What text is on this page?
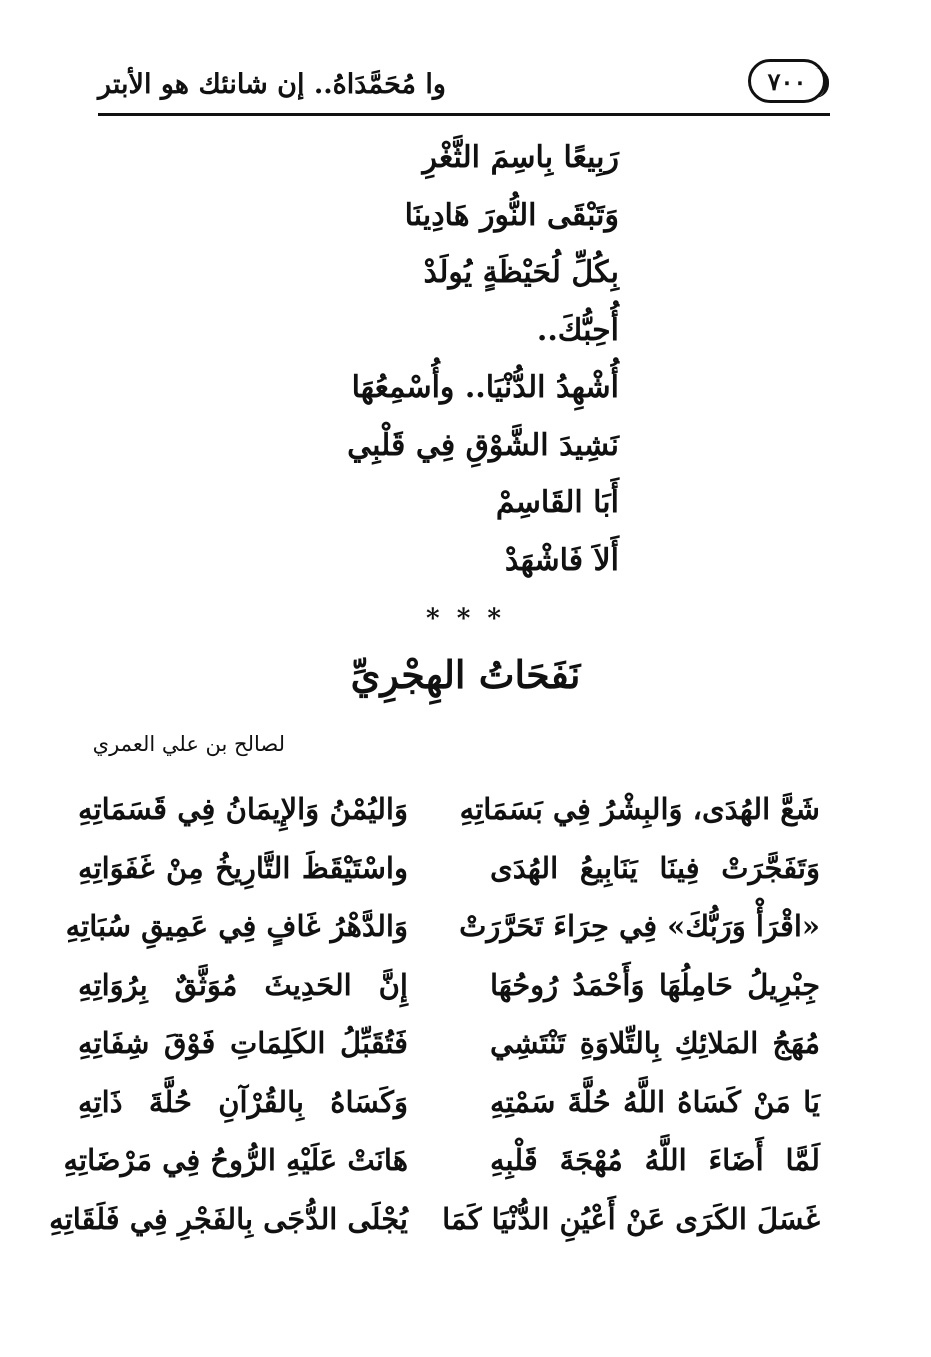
وا مُحَمَّدَاهُ.. إن شانئك هو الأبتر	٧٠٠
رَبِيعًا بِاسِمَ الثَّغْرِ
وَتَبْقَى النُّورَ هَادِينَا
بِكُلِّ لُحَيْظَةٍ يُولَدْ
أُحِبُّكَ..
أُشْهِدُ الدُّنْيَا.. وأُسْمِعُهَا
نَشِيدَ الشَّوْقِ فِي قَلْبِي
أَبَا القَاسِمْ
أَلاَ فَاشْهَدْ
* * *
نَفَحَاتُ الهِجْرِيِّ
لصالح بن علي العمري
شَعَّ الهُدَى، وَالبِشْرُ فِي بَسَمَاتِهِ
وَاليُمْنُ وَالإِيمَانُ فِي قَسَمَاتِهِ
وَتَفَجَّرَتْ فِينَا يَنَابِيعُ الهُدَى
واسْتَيْقَظَ التَّارِيخُ مِنْ غَفَوَاتِهِ
«اقْرَأْ وَرَبُّكَ» فِي حِرَاءَ تَحَرَّرَتْ
وَالدَّهْرُ غَافٍ فِي عَمِيقِ سُبَاتِهِ
جِبْرِيلُ حَامِلُهَا وَأَحْمَدُ رُوحُهَا
إِنَّ الحَدِيثَ مُوَثَّقٌ بِرُوَاتِهِ
مُهَجُ المَلائِكِ بِالتِّلاوَةِ تَنْتَشِي
فَتُقَبِّلُ الكَلِمَاتِ فَوْقَ شِفَاتِهِ
يَا مَنْ كَسَاهُ اللَّهُ حُلَّةَ سَمْتِهِ
وَكَسَاهُ بِالقُرْآنِ حُلَّةَ ذَاتِهِ
لَمَّا أَضَاءَ اللَّهُ مُهْجَةَ قَلْبِهِ
هَانَتْ عَلَيْهِ الرُّوحُ فِي مَرْضَاتِهِ
غَسَلَ الكَرَى عَنْ أَعْيُنِ الدُّنْيَا كَمَا
يُجْلَى الدُّجَى بِالفَجْرِ فِي فَلَقَاتِهِ
